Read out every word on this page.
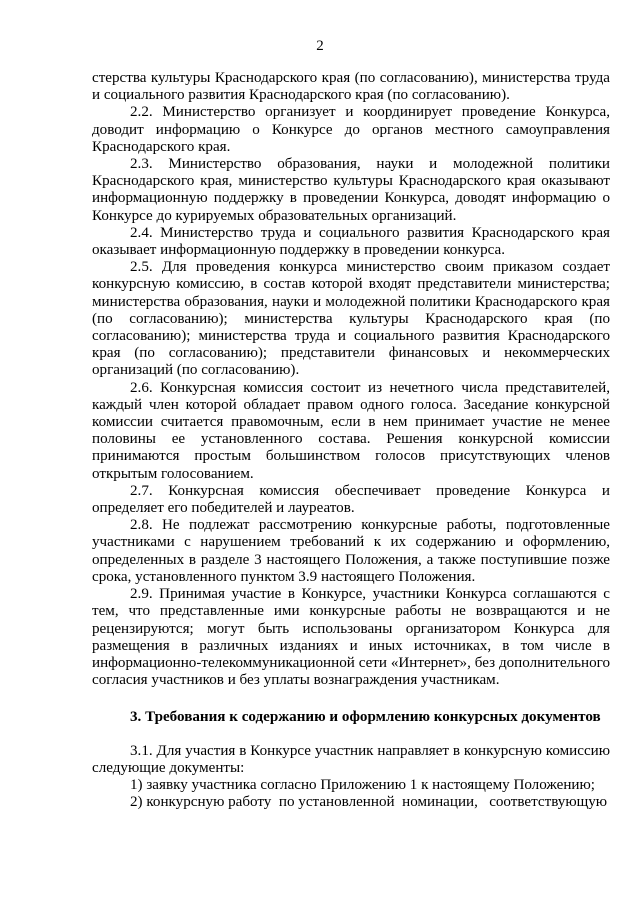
2

стерства культуры Краснодарского края (по согласованию), министерства труда и социального развития Краснодарского края (по согласованию).

2.2. Министерство организует и координирует проведение Конкурса, доводит информацию о Конкурсе до органов местного самоуправления Краснодарского края.

2.3. Министерство образования, науки и молодежной политики Краснодарского края, министерство культуры Краснодарского края оказывают информационную поддержку в проведении Конкурса, доводят информацию о Конкурсе до курируемых образовательных организаций.

2.4. Министерство труда и социального развития Краснодарского края оказывает информационную поддержку в проведении конкурса.

2.5. Для проведения конкурса министерство своим приказом создает конкурсную комиссию, в состав которой входят представители министерства; министерства образования, науки и молодежной политики Краснодарского края (по согласованию); министерства культуры Краснодарского края (по согласованию); министерства труда и социального развития Краснодарского края (по согласованию); представители финансовых и некоммерческих организаций (по согласованию).

2.6. Конкурсная комиссия состоит из нечетного числа представителей, каждый член которой обладает правом одного голоса. Заседание конкурсной комиссии считается правомочным, если в нем принимает участие не менее половины ее установленного состава. Решения конкурсной комиссии принимаются простым большинством голосов присутствующих членов открытым голосованием.

2.7. Конкурсная комиссия обеспечивает проведение Конкурса и определяет его победителей и лауреатов.

2.8. Не подлежат рассмотрению конкурсные работы, подготовленные участниками с нарушением требований к их содержанию и оформлению, определенных в разделе 3 настоящего Положения, а также поступившие позже срока, установленного пунктом 3.9 настоящего Положения.

2.9. Принимая участие в Конкурсе, участники Конкурса соглашаются с тем, что представленные ими конкурсные работы не возвращаются и не рецензируются; могут быть использованы организатором Конкурса для размещения в различных изданиях и иных источниках, в том числе в информационно-телекоммуникационной сети «Интернет», без дополнительного согласия участников и без уплаты вознаграждения участникам.

3. Требования к содержанию и оформлению конкурсных документов

3.1. Для участия в Конкурсе участник направляет в конкурсную комиссию следующие документы:

1) заявку участника согласно Приложению 1 к настоящему Положению;

2) конкурсную работу  по установленной  номинации,   соответствующую
